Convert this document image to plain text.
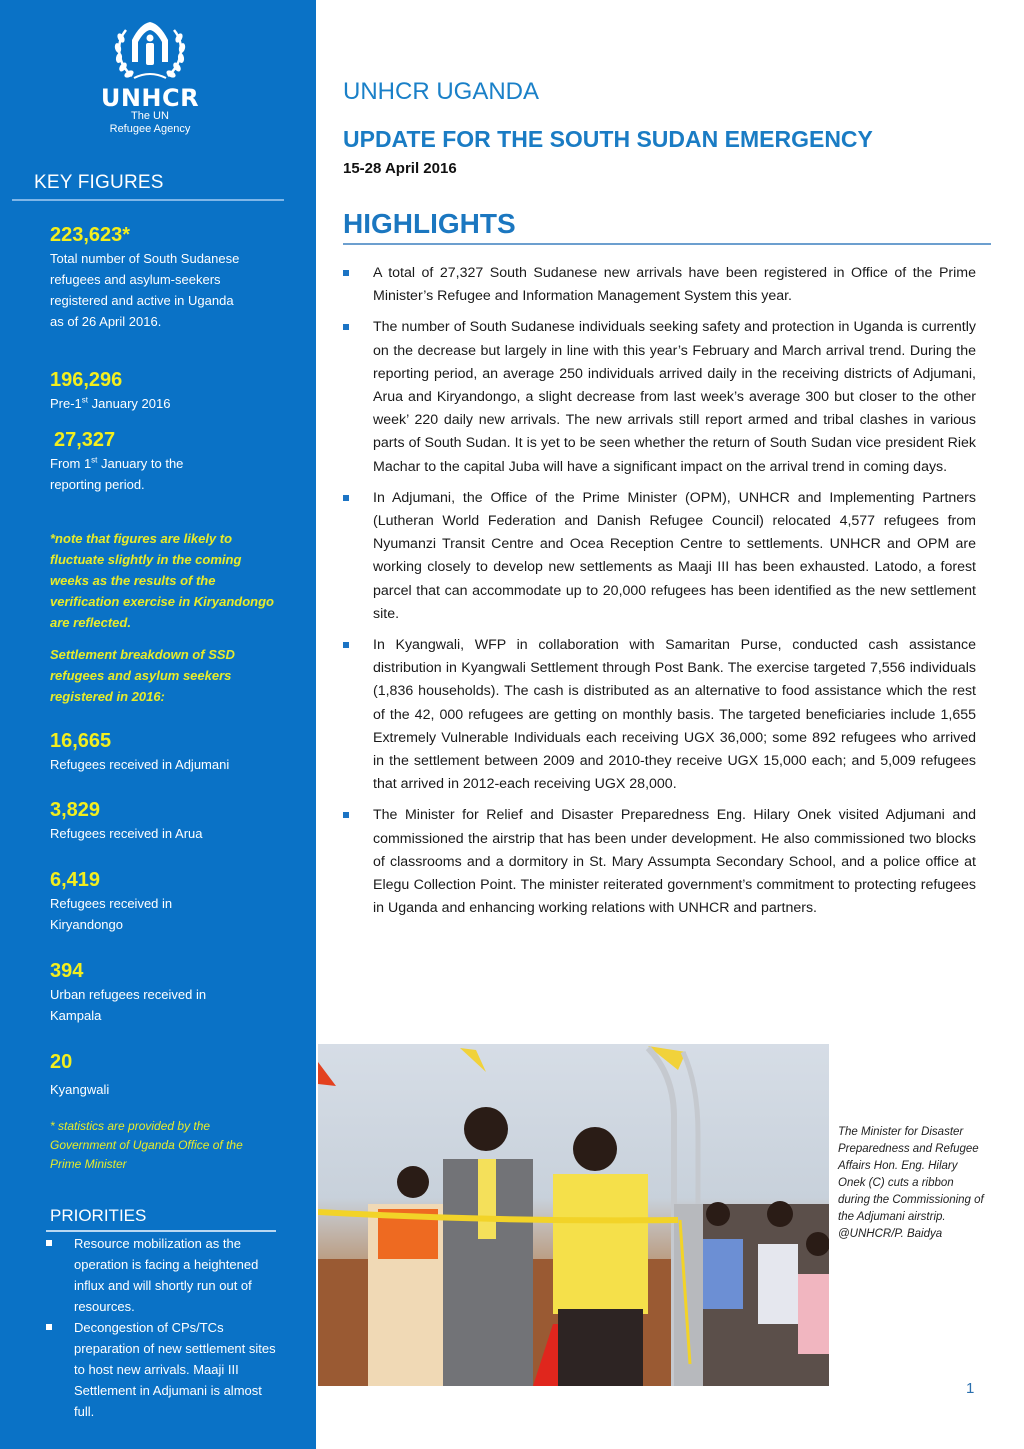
UNHCR
The UN
Refugee Agency
KEY FIGURES
223,623*
Total number of South Sudanese refugees and asylum-seekers registered and active in Uganda as of 26 April 2016.
196,296
Pre-1st January 2016
27,327
From 1st January to the reporting period.
*note that figures are likely to fluctuate slightly in the coming weeks as the results of the verification exercise in Kiryandongo are reflected.
Settlement breakdown of SSD refugees and asylum seekers registered in 2016:
16,665
Refugees received in Adjumani
3,829
Refugees received in Arua
6,419
Refugees received in Kiryandongo
394
Urban refugees received in Kampala
20
Kyangwali
* statistics are provided by the Government of Uganda Office of the Prime Minister
PRIORITIES
Resource mobilization as the operation is facing a heightened influx and will shortly run out of resources.
Decongestion of CPs/TCs preparation of new settlement sites to host new arrivals. Maaji III Settlement in Adjumani is almost full.
UNHCR UGANDA
UPDATE FOR THE SOUTH SUDAN EMERGENCY
15-28 April 2016
HIGHLIGHTS
A total of 27,327 South Sudanese new arrivals have been registered in Office of the Prime Minister’s Refugee and Information Management System this year.
The number of South Sudanese individuals seeking safety and protection in Uganda is currently on the decrease but largely in line with this year’s February and March arrival trend. During the reporting period, an average 250 individuals arrived daily in the receiving districts of Adjumani, Arua and Kiryandongo, a slight decrease from last week’s average 300 but closer to the other week’ 220 daily new arrivals. The new arrivals still report armed and tribal clashes in various parts of South Sudan. It is yet to be seen whether the return of South Sudan vice president Riek Machar to the capital Juba will have a significant impact on the arrival trend in coming days.
In Adjumani, the Office of the Prime Minister (OPM), UNHCR and Implementing Partners (Lutheran World Federation and Danish Refugee Council) relocated 4,577 refugees from Nyumanzi Transit Centre and Ocea Reception Centre to settlements. UNHCR and OPM are working closely to develop new settlements as Maaji III has been exhausted. Latodo, a forest parcel that can accommodate up to 20,000 refugees has been identified as the new settlement site.
In Kyangwali, WFP in collaboration with Samaritan Purse, conducted cash assistance distribution in Kyangwali Settlement through Post Bank. The exercise targeted 7,556 individuals (1,836 households). The cash is distributed as an alternative to food assistance which the rest of the 42, 000 refugees are getting on monthly basis. The targeted beneficiaries include 1,655 Extremely Vulnerable Individuals each receiving UGX 36,000; some 892 refugees who arrived in the settlement between 2009 and 2010-they receive UGX 15,000 each; and 5,009 refugees that arrived in 2012-each receiving UGX 28,000.
The Minister for Relief and Disaster Preparedness Eng. Hilary Onek visited Adjumani and commissioned the airstrip that has been under development. He also commissioned two blocks of classrooms and a dormitory in St. Mary Assumpta Secondary School, and a police office at Elegu Collection Point. The minister reiterated government’s commitment to protecting refugees in Uganda and enhancing working relations with UNHCR and partners.
The Minister for Disaster Preparedness and Refugee Affairs Hon. Eng. Hilary Onek (C) cuts a ribbon during the Commissioning of the Adjumani airstrip. @UNHCR/P. Baidya
1
